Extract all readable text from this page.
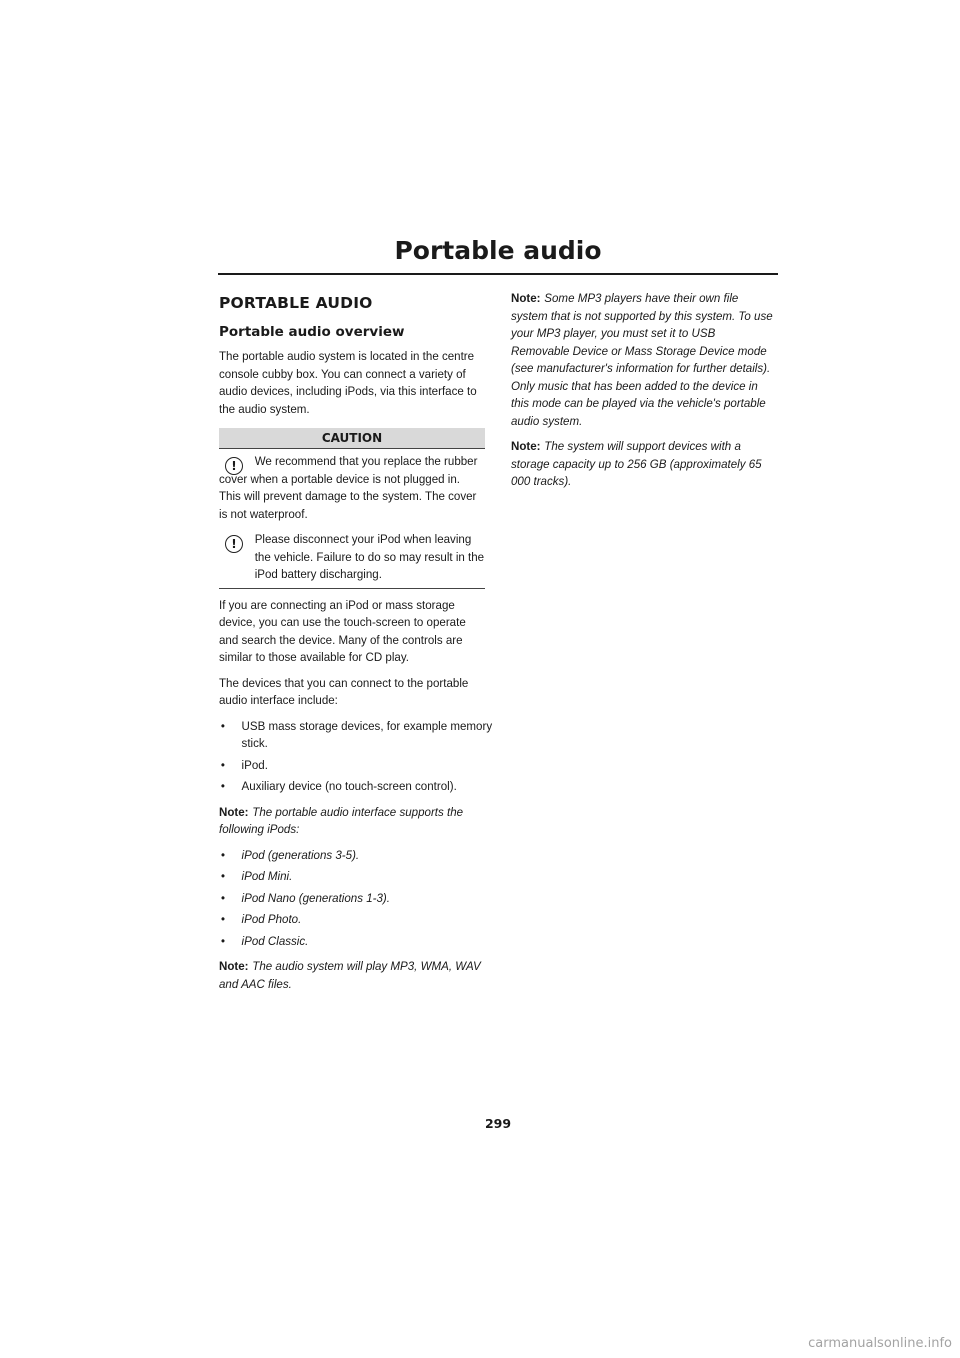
Portable audio
PORTABLE AUDIO
Portable audio overview

The portable audio system is located in the centre console cubby box. You can connect a variety of audio devices, including iPods, via this interface to the audio system.

CAUTION
!	We recommend that you replace the rubber cover when a portable device is not plugged in. This will prevent damage to the system. The cover is not waterproof.

!	Please disconnect your iPod when leaving the vehicle. Failure to do so may result in the iPod battery discharging.

If you are connecting an iPod or mass storage device, you can use the touch-screen to operate and search the device. Many of the controls are similar to those available for CD play.

The devices that you can connect to the portable audio interface include:

• USB mass storage devices, for example memory stick.
• iPod.
• Auxiliary device (no touch-screen control).

Note: The portable audio interface supports the following iPods:

• iPod (generations 3-5).
• iPod Mini.
• iPod Nano (generations 1-3).
• iPod Photo.
• iPod Classic.

Note: The audio system will play MP3, WMA, WAV and AAC files.

Note: Some MP3 players have their own file system that is not supported by this system. To use your MP3 player, you must set it to USB Removable Device or Mass Storage Device mode (see manufacturer's information for further details). Only music that has been added to the device in this mode can be played via the vehicle's portable audio system.

Note: The system will support devices with a storage capacity up to 256 GB (approximately 65 000 tracks).

299
carmanualsonline.info
